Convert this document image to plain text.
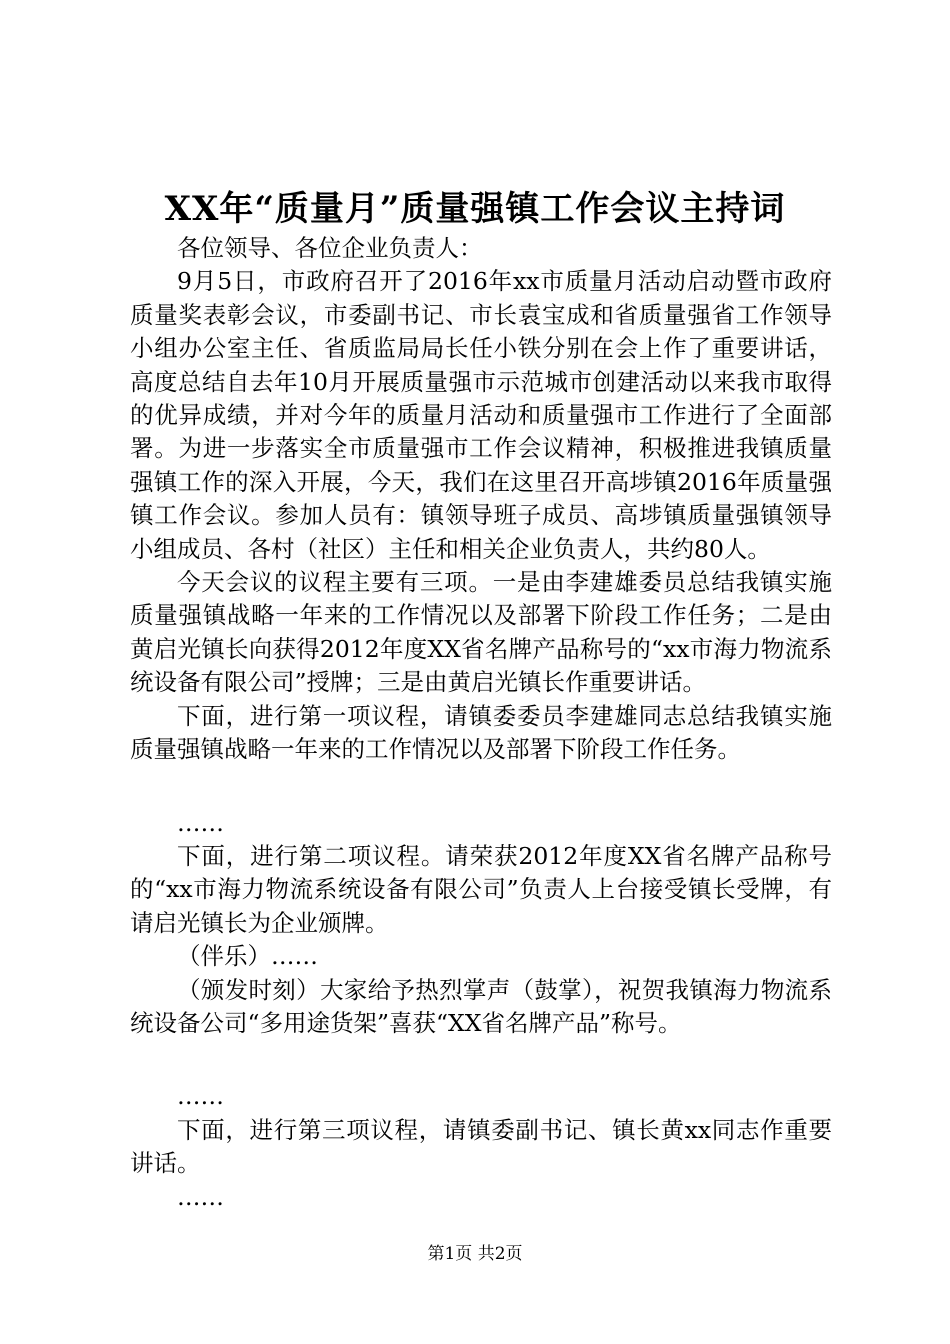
XX年“质量月”质量强镇工作会议主持词

各位领导、各位企业负责人：

9月5日，市政府召开了2016年xx市质量月活动启动暨市政府质量奖表彰会议，市委副书记、市长袁宝成和省质量强省工作领导小组办公室主任、省质监局局长任小铁分别在会上作了重要讲话，高度总结自去年10月开展质量强市示范城市创建活动以来我市取得的优异成绩，并对今年的质量月活动和质量强市工作进行了全面部署。为进一步落实全市质量强市工作会议精神，积极推进我镇质量强镇工作的深入开展，今天，我们在这里召开高埗镇2016年质量强镇工作会议。参加人员有：镇领导班子成员、高埗镇质量强镇领导小组成员、各村（社区）主任和相关企业负责人，共约80人。

今天会议的议程主要有三项。一是由李建雄委员总结我镇实施质量强镇战略一年来的工作情况以及部署下阶段工作任务；二是由黄启光镇长向获得2012年度XX省名牌产品称号的“xx市海力物流系统设备有限公司”授牌；三是由黄启光镇长作重要讲话。

下面，进行第一项议程，请镇委委员李建雄同志总结我镇实施质量强镇战略一年来的工作情况以及部署下阶段工作任务。

……

下面，进行第二项议程。请荣获2012年度XX省名牌产品称号的“xx市海力物流系统设备有限公司”负责人上台接受镇长受牌，有请启光镇长为企业颁牌。

（伴乐）……

（颁发时刻）大家给予热烈掌声（鼓掌），祝贺我镇海力物流系统设备公司“多用途货架”喜获“XX省名牌产品”称号。

……

下面，进行第三项议程，请镇委副书记、镇长黄xx同志作重要讲话。

……

第1页 共2页
